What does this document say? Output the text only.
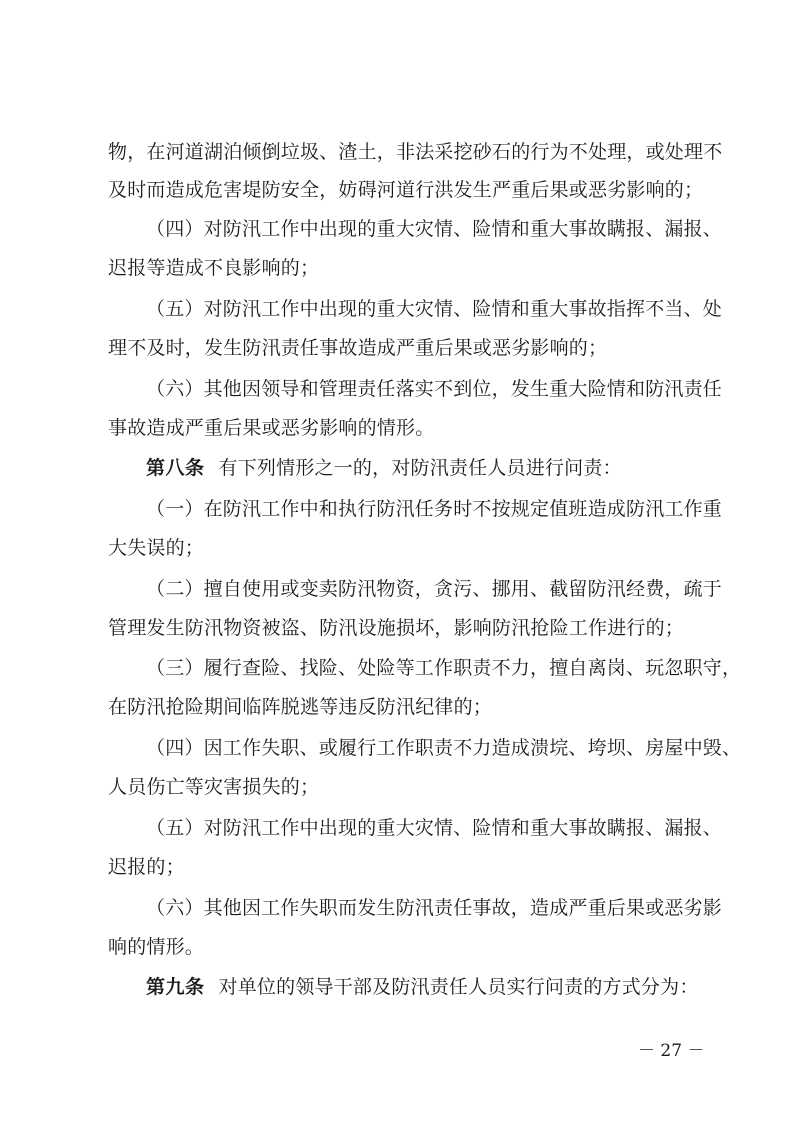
物，在河道湖泊倾倒垃圾、渣土，非法采挖砂石的行为不处理，或处理不
及时而造成危害堤防安全，妨碍河道行洪发生严重后果或恶劣影响的；
（四）对防汛工作中出现的重大灾情、险情和重大事故瞒报、漏报、
迟报等造成不良影响的；
（五）对防汛工作中出现的重大灾情、险情和重大事故指挥不当、处
理不及时，发生防汛责任事故造成严重后果或恶劣影响的；
（六）其他因领导和管理责任落实不到位，发生重大险情和防汛责任
事故造成严重后果或恶劣影响的情形。
第八条 有下列情形之一的，对防汛责任人员进行问责：
（一）在防汛工作中和执行防汛任务时不按规定值班造成防汛工作重
大失误的；
（二）擅自使用或变卖防汛物资，贪污、挪用、截留防汛经费，疏于
管理发生防汛物资被盗、防汛设施损坏，影响防汛抢险工作进行的；
（三）履行查险、找险、处险等工作职责不力，擅自离岗、玩忽职守，
在防汛抢险期间临阵脱逃等违反防汛纪律的；
（四）因工作失职、或履行工作职责不力造成溃垸、垮坝、房屋中毁、
人员伤亡等灾害损失的；
（五）对防汛工作中出现的重大灾情、险情和重大事故瞒报、漏报、
迟报的；
（六）其他因工作失职而发生防汛责任事故，造成严重后果或恶劣影
响的情形。
第九条 对单位的领导干部及防汛责任人员实行问责的方式分为：
－ 27 －
